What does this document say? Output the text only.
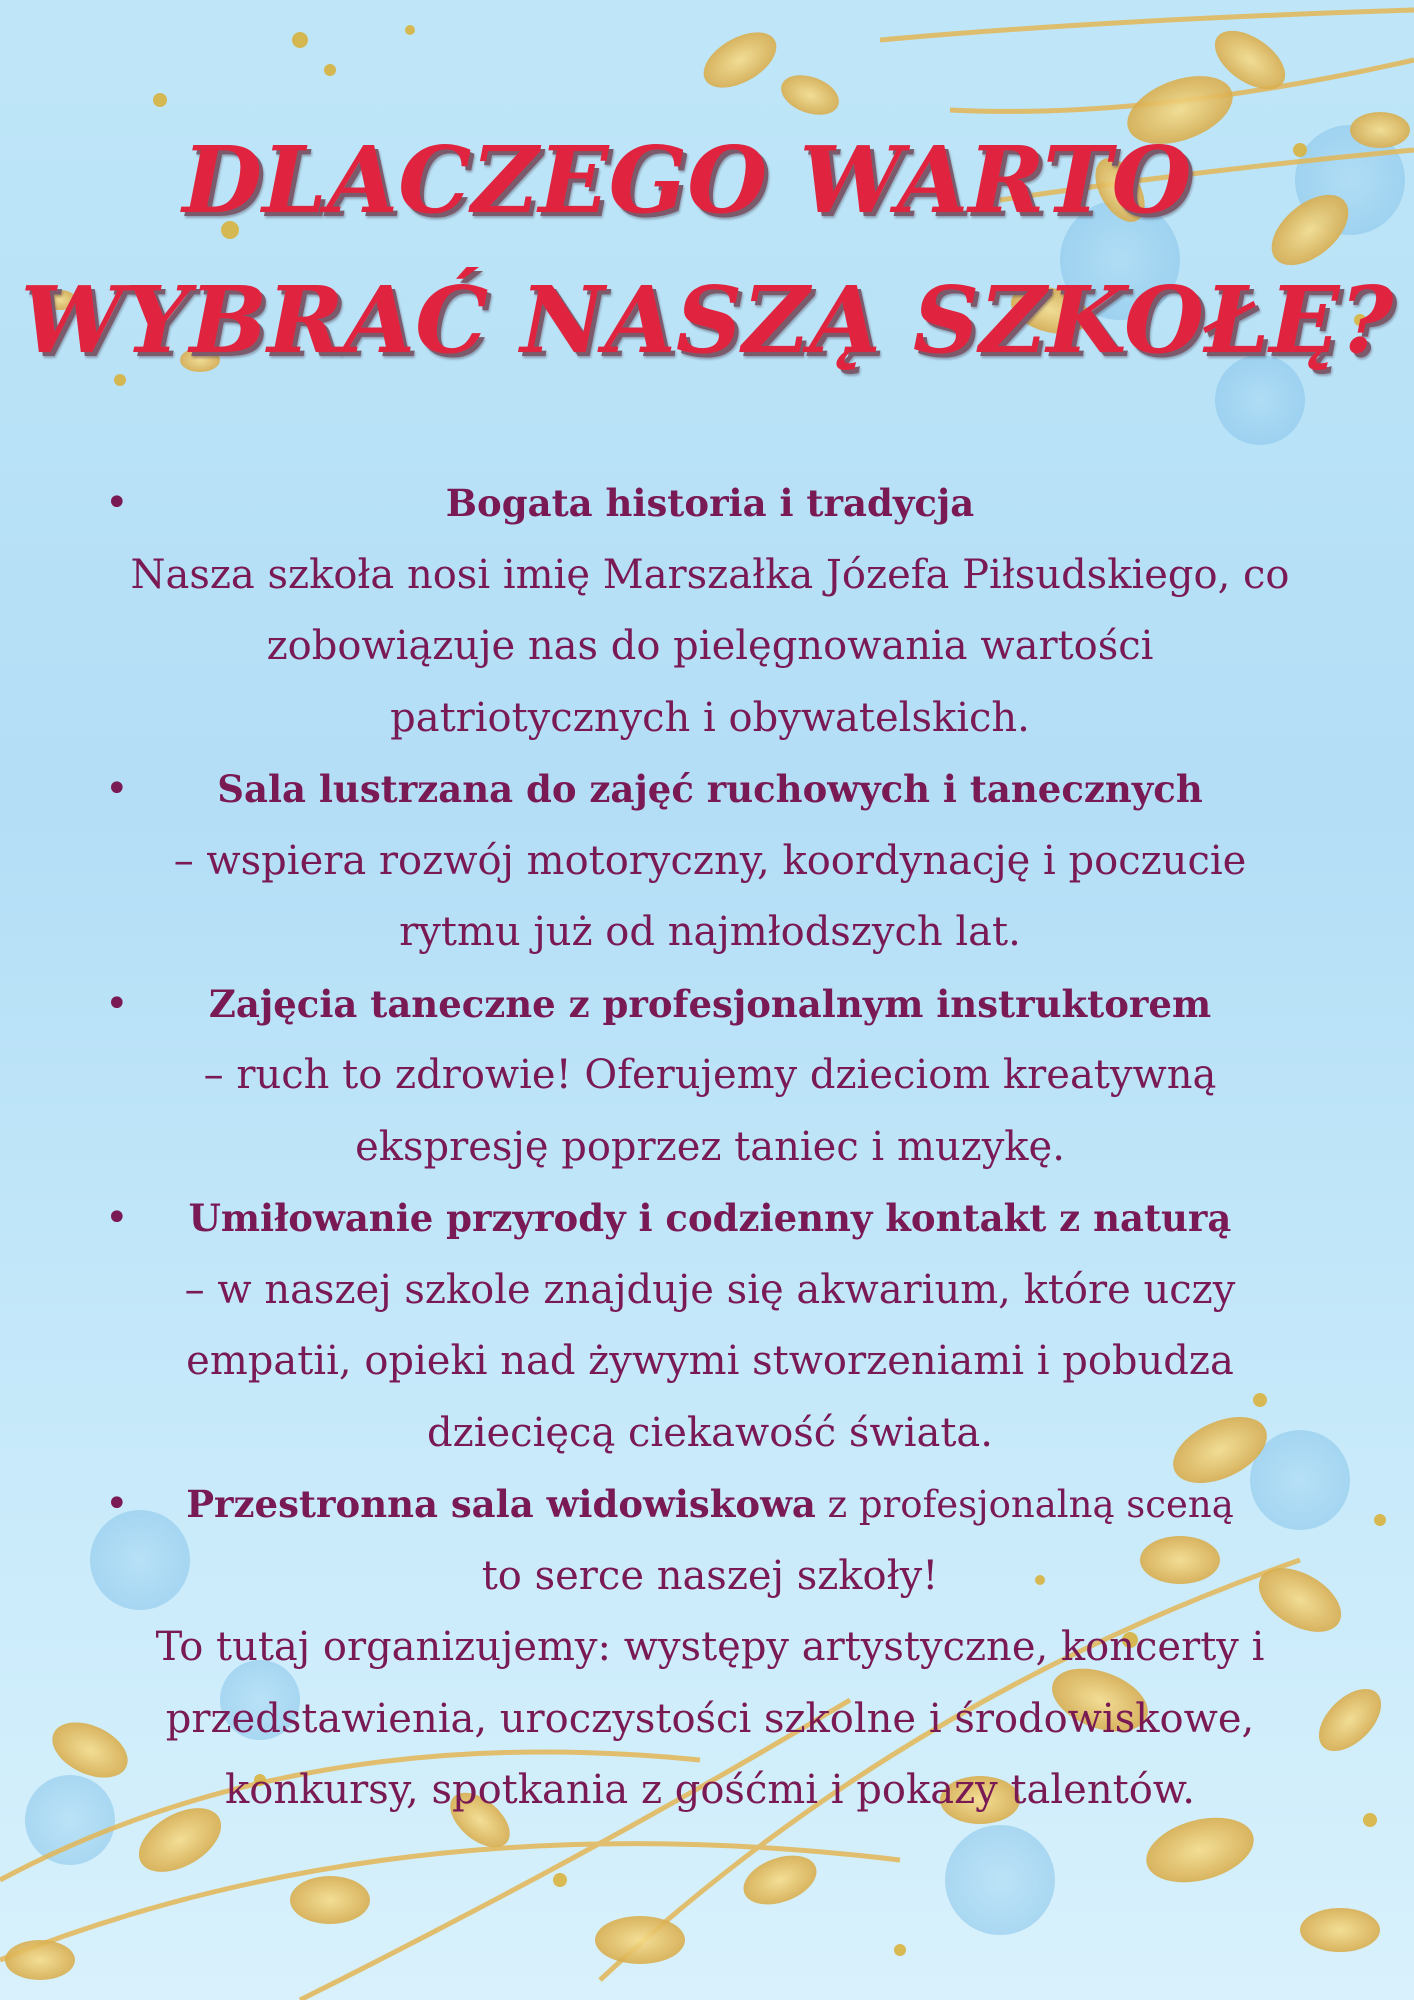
DLACZEGO WARTO
WYBRAĆ NASZĄ SZKOŁĘ?
•	Bogata historia i tradycja
Nasza szkoła nosi imię Marszałka Józefa Piłsudskiego, co
zobowiązuje nas do pielęgnowania wartości
patriotycznych i obywatelskich.
• Sala lustrzana do zajęć ruchowych i tanecznych
– wspiera rozwój motoryczny, koordynację i poczucie
rytmu już od najmłodszych lat.
• Zajęcia taneczne z profesjonalnym instruktorem
– ruch to zdrowie! Oferujemy dzieciom kreatywną
ekspresję poprzez taniec i muzykę.
• Umiłowanie przyrody i codzienny kontakt z naturą
– w naszej szkole znajduje się akwarium, które uczy
empatii, opieki nad żywymi stworzeniami i pobudza
dziecięcą ciekawość świata.
• Przestronna sala widowiskowa z profesjonalną sceną
to serce naszej szkoły!
To tutaj organizujemy: występy artystyczne, koncerty i
przedstawienia, uroczystości szkolne i środowiskowe,
konkursy, spotkania z gośćmi i pokazy talentów.
